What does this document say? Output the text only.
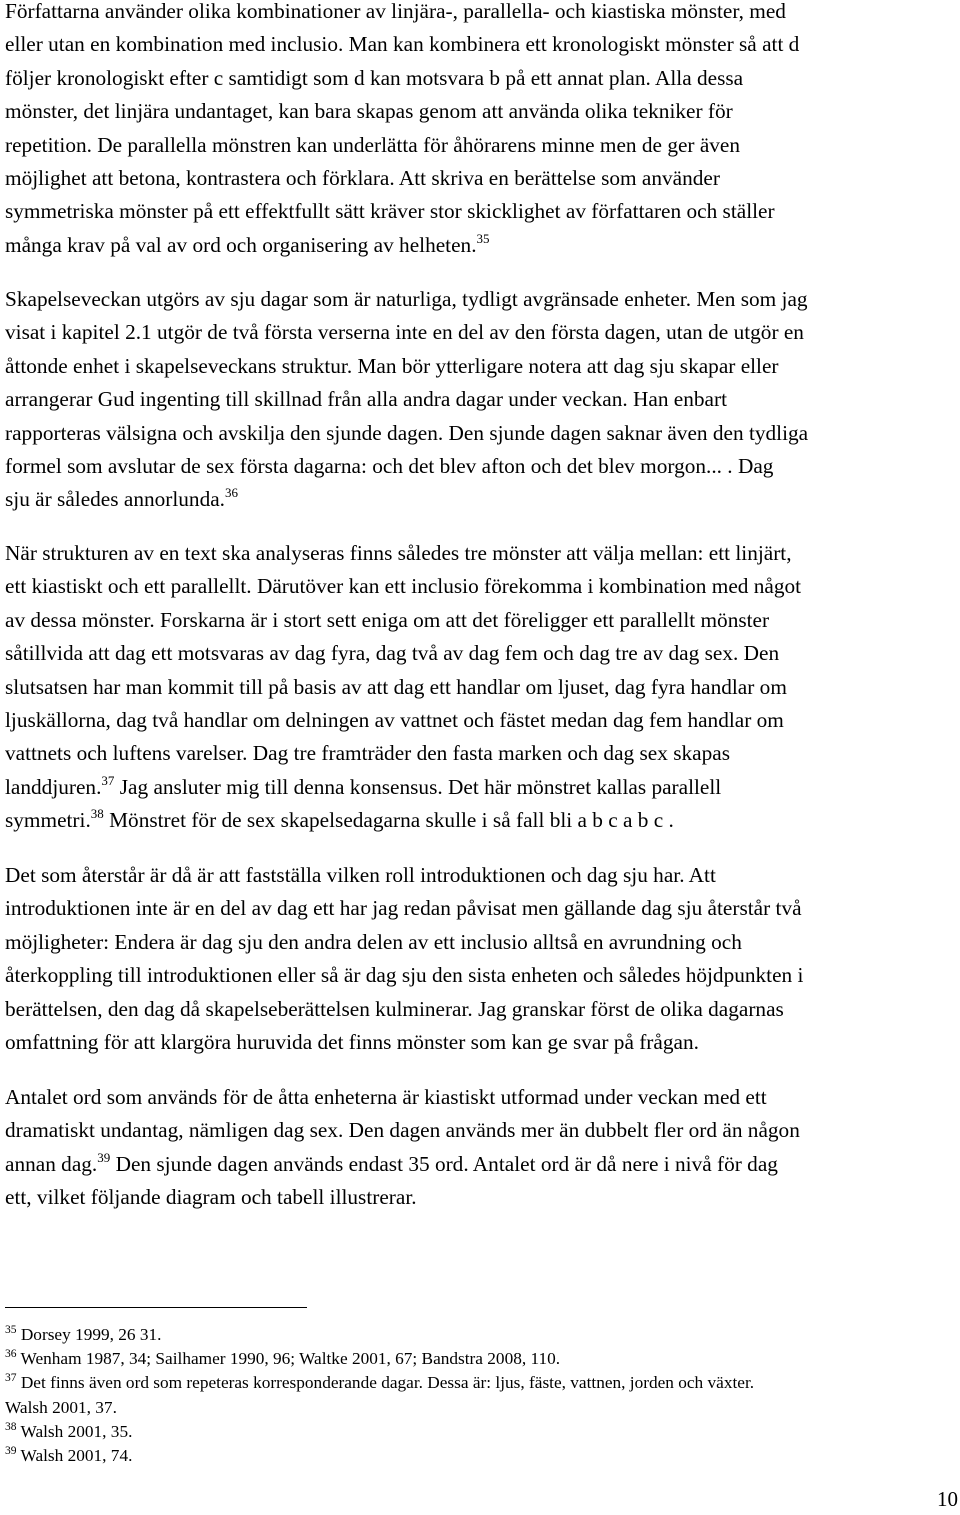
Författarna använder olika kombinationer av linjära-, parallella- och kiastiska mönster, med
eller utan en kombination med inclusio. Man kan kombinera ett kronologiskt mönster så att d
följer kronologiskt efter c samtidigt som d kan motsvara b på ett annat plan. Alla dessa
mönster, det linjära undantaget, kan bara skapas genom att använda olika tekniker för
repetition. De parallella mönstren kan underlätta för åhörarens minne men de ger även
möjlighet att betona, kontrastera och förklara. Att skriva en berättelse som använder
symmetriska mönster på ett effektfullt sätt kräver stor skicklighet av författaren och ställer
många krav på val av ord och organisering av helheten.$^{35}$

Skapelseveckan utgörs av sju dagar som är naturliga, tydligt avgränsade enheter. Men som jag
visat i kapitel 2.1 utgör de två första verserna inte en del av den första dagen, utan de utgör en
åttonde enhet i skapelseveckans struktur. Man bör ytterligare notera att dag sju skapar eller
arrangerar Gud ingenting till skillnad från alla andra dagar under veckan. Han enbart
rapporteras välsigna och avskilja den sjunde dagen. Den sjunde dagen saknar även den tydliga
formel som avslutar de sex första dagarna: och det blev afton och det blev morgon... . Dag
sju är således annorlunda.$^{36}$

När strukturen av en text ska analyseras finns således tre mönster att välja mellan: ett linjärt,
ett kiastiskt och ett parallellt. Därutöver kan ett inclusio förekomma i kombination med något
av dessa mönster. Forskarna är i stort sett eniga om att det föreligger ett parallellt mönster
såtillvida att dag ett motsvaras av dag fyra, dag två av dag fem och dag tre av dag sex. Den
slutsatsen har man kommit till på basis av att dag ett handlar om ljuset, dag fyra handlar om
ljuskällorna, dag två handlar om delningen av vattnet och fästet medan dag fem handlar om
vattnets och luftens varelser. Dag tre framträder den fasta marken och dag sex skapas
landdjuren.$^{37}$ Jag ansluter mig till denna konsensus. Det här mönstret kallas parallell
symmetri.$^{38}$ Mönstret för de sex skapelsedagarna skulle i så fall bli a b c a b c .

Det som återstår är då är att fastställa vilken roll introduktionen och dag sju har. Att
introduktionen inte är en del av dag ett har jag redan påvisat men gällande dag sju återstår två
möjligheter: Endera är dag sju den andra delen av ett inclusio alltså en avrundning och
återkoppling till introduktionen eller så är dag sju den sista enheten och således höjdpunkten i
berättelsen, den dag då skapelseberättelsen kulminerar. Jag granskar först de olika dagarnas
omfattning för att klargöra huruvida det finns mönster som kan ge svar på frågan.

Antalet ord som används för de åtta enheterna är kiastiskt utformad under veckan med ett
dramatiskt undantag, nämligen dag sex. Den dagen används mer än dubbelt fler ord än någon
annan dag.$^{39}$ Den sjunde dagen används endast 35 ord. Antalet ord är då nere i nivå för dag
ett, vilket följande diagram och tabell illustrerar.

$^{35}$ Dorsey 1999, 26 31.

$^{36}$ Wenham 1987, 34; Sailhamer 1990, 96; Waltke 2001, 67; Bandstra 2008, 110.

$^{37}$ Det finns även ord som repeteras korresponderande dagar. Dessa är: ljus, fäste, vattnen, jorden och växter.
Walsh 2001, 37.

$^{38}$ Walsh 2001, 35.

$^{39}$ Walsh 2001, 74.

10
